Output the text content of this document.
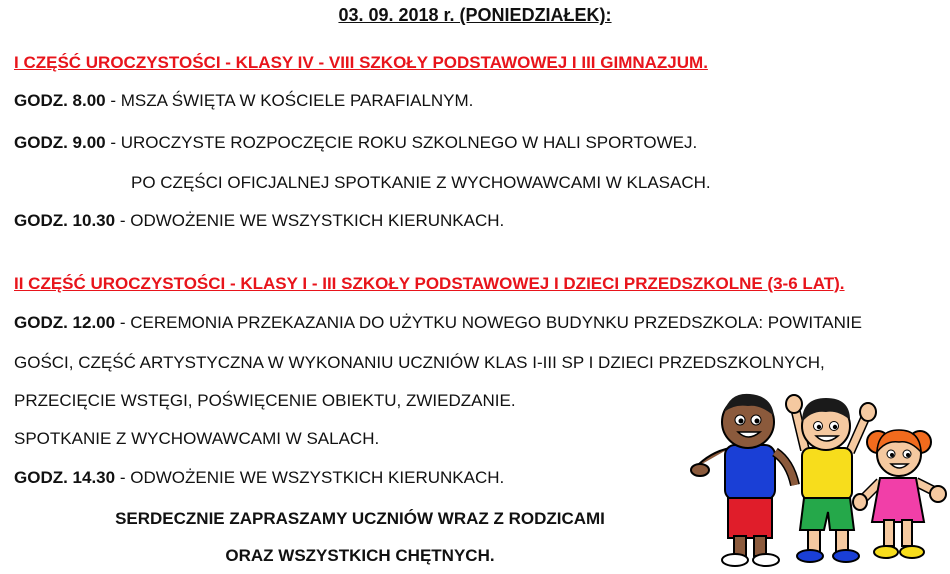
03. 09. 2018 r. (PONIEDZIAŁEK):
I CZĘŚĆ UROCZYSTOŚCI - KLASY IV - VIII SZKOŁY PODSTAWOWEJ I III GIMNAZJUM.
GODZ. 8.00 - MSZA ŚWIĘTA W KOŚCIELE PARAFIALNYM.
GODZ. 9.00 - UROCZYSTE ROZPOCZĘCIE ROKU SZKOLNEGO W HALI SPORTOWEJ.
PO CZĘŚCI OFICJALNEJ SPOTKANIE Z WYCHOWAWCAMI W KLASACH.
GODZ. 10.30 - ODWOŻENIE WE WSZYSTKICH KIERUNKACH.
II CZĘŚĆ UROCZYSTOŚCI - KLASY I - III SZKOŁY PODSTAWOWEJ I DZIECI PRZEDSZKOLNE (3-6 LAT).
GODZ. 12.00 - CEREMONIA PRZEKAZANIA DO UŻYTKU NOWEGO BUDYNKU PRZEDSZKOLA: POWITANIE
GOŚCI, CZĘŚĆ ARTYSTYCZNA W WYKONANIU UCZNIÓW KLAS I-III SP I DZIECI PRZEDSZKOLNYCH,
PRZECIĘCIE WSTĘGI, POŚWIĘCENIE OBIEKTU, ZWIEDZANIE.
SPOTKANIE Z WYCHOWAWCAMI W SALACH.
GODZ. 14.30 - ODWOŻENIE WE WSZYSTKICH KIERUNKACH.
SERDECZNIE ZAPRASZAMY UCZNIÓW WRAZ Z RODZICAMI
ORAZ WSZYSTKICH CHĘTNYCH.
